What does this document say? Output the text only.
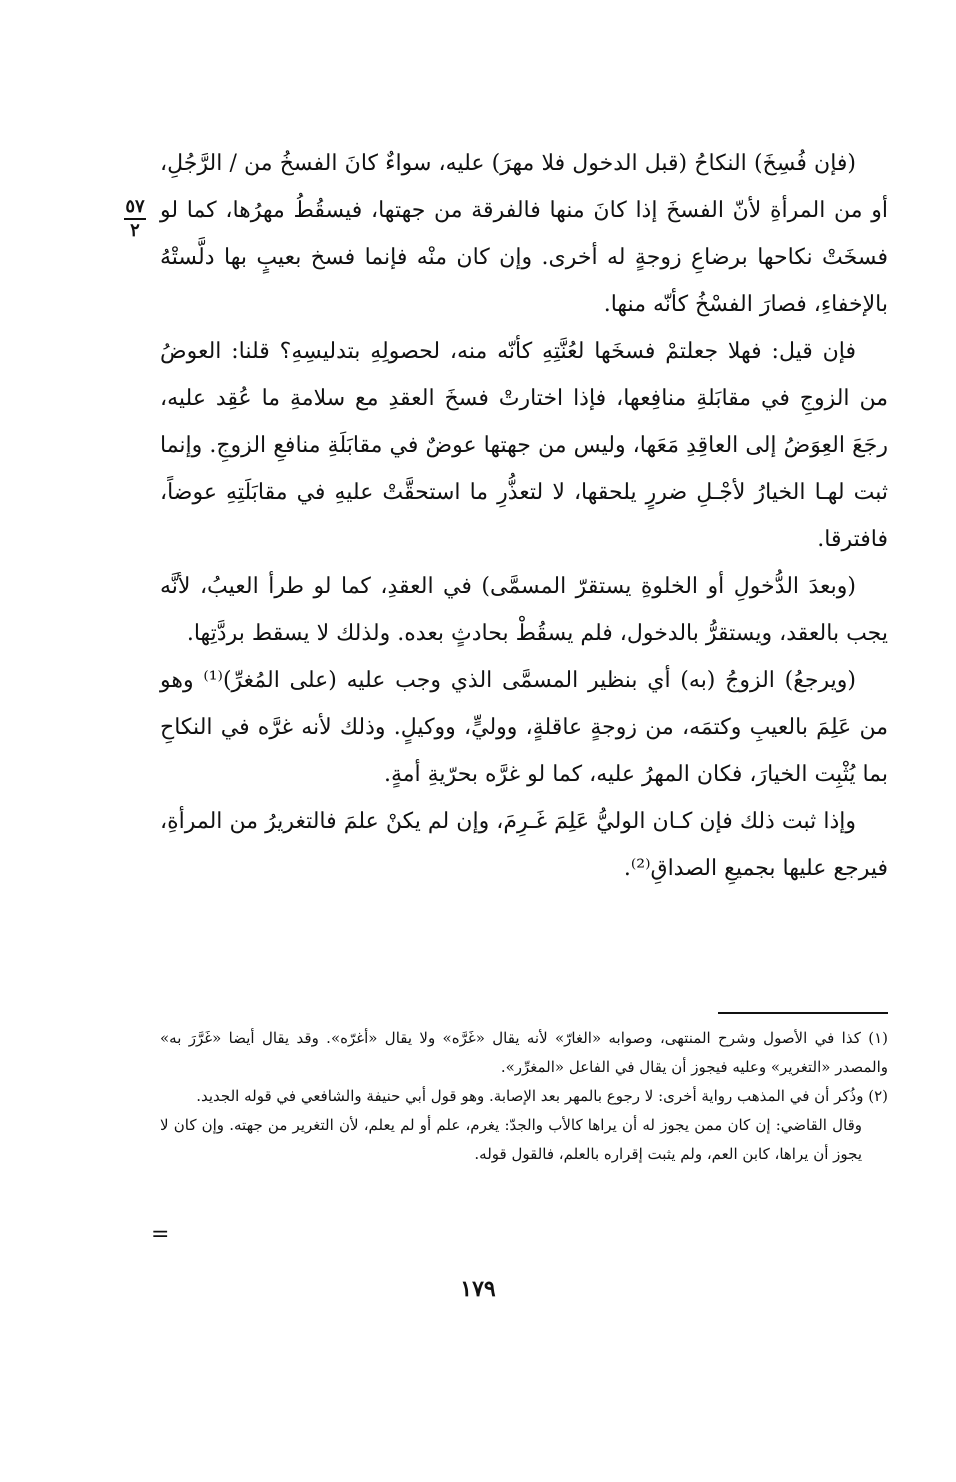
٥٧
٢

(فإن فُسِخَ) النكاحُ (قبل الدخول فلا مهرَ) عليه، سواءٌ كانَ الفسخُ من / الرَّجُلِ، أو من المرأةِ لأنّ الفسخَ إذا كانَ منها فالفرقة من جهتها، فيسقُطُ مهرُها، كما لو فسخَتْ نكاحها برضاعِ زوجةٍ له أخرى. وإن كان منْه فإنما فسخ بعيبٍ بها دلَّستْهُ بالإخفاءِ، فصارَ الفسْخُ كأنّه منها.

فإن قيل: فهلا جعلتمْ فسخَها لعُنَّتِهِ كأنّه منه، لحصولِهِ بتدليسِهِ؟ قلنا: العوضُ من الزوجِ في مقابَلةِ منافِعها، فإذا اختارتْ فسخَ العقدِ مع سلامةِ ما عُقِد عليه، رجَعَ العِوَضُ إلى العاقِدِ مَعَها، وليس من جهتها عوضٌ في مقابَلَةِ منافعِ الزوجِ. وإنما ثبت لهـا الخيارُ لأجْـلِ ضررٍ يلحقها، لا لتعذُّرِ ما استحقَّتْ عليهِ في مقابَلَتِهِ عوضاً، فافترقا.

(وبعدَ الدُّخولِ أو الخلوةِ يستقرّ المسمَّى) في العقدِ، كما لو طرأ العيبُ، لأنَّه يجب بالعقد، ويستقرُّ بالدخول، فلم يسقُطْ بحادثٍ بعده. ولذلك لا يسقط بردَّتِها.

(ويرجعُ) الزوجُ (به) أي بنظير المسمَّى الذي وجب عليه (على المُغرِّ)⁽¹⁾ وهو من عَلِمَ بالعيبِ وكتمَه، من زوجةٍ عاقلةٍ، ووليٍّ، ووكيلٍ. وذلك لأنه غرَّه في النكاحِ بما يُثْبِت الخيارَ، فكان المهرُ عليه، كما لو غرَّه بحرّيةِ أمةٍ.

وإذا ثبت ذلك فإن كـان الوليُّ عَلِمَ غَـرِمَ، وإن لم يكنْ علمَ فالتغريرُ من المرأةِ، فيرجع عليها بجميعِ الصداقِ⁽²⁾.

(١) كذا في الأصول وشرح المنتهى، وصوابه «الغارّ» لأنه يقال «غَرَّه» ولا يقال «أغرّه». وقد يقال أيضا «غَرَّرَ به» والمصدر «التغرير» وعليه فيجوز أن يقال في الفاعل «المغرِّر».

(٢) وذُكر أن في المذهب رواية أخرى: لا رجوع بالمهر بعد الإصابة. وهو قول أبي حنيفة والشافعي في قوله الجديد.

وقال القاضي: إن كان ممن يجوز له أن يراها كالأب والجدّ: يغرم، علم أو لم يعلم، لأن التغرير من جهته. وإن كان لا يجوز أن يراها، كابن العم، ولم يثبت إقراره بالعلم، فالقول قوله.

=
١٧٩
